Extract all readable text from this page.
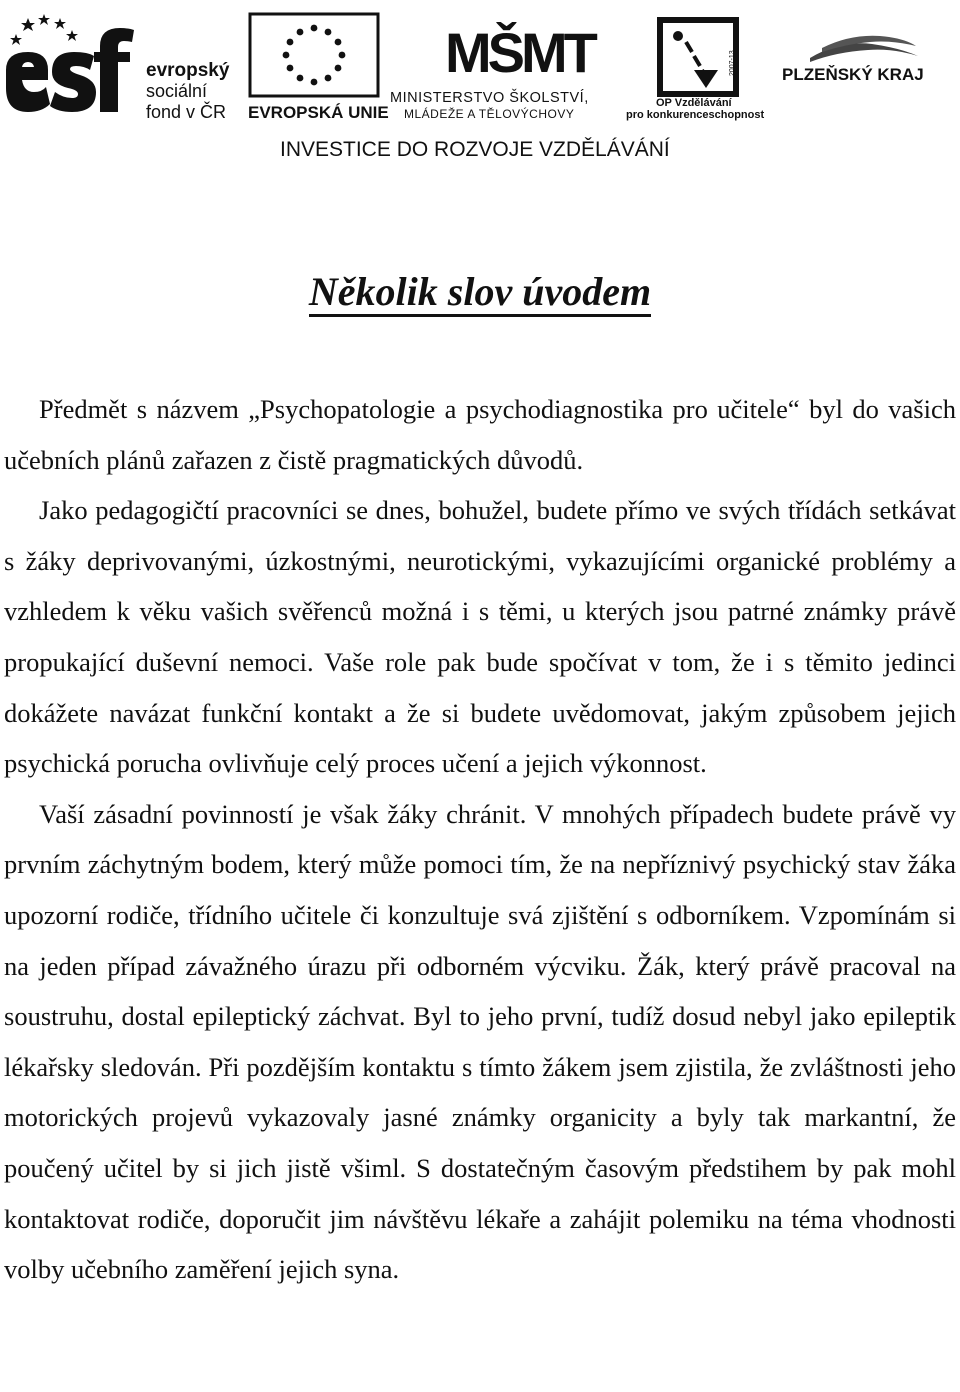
evropský
sociální
fond v ČR EVROPSKÁ UNIE
MŠMT
MINISTERSTVO ŠKOLSTVÍ,
MLÁDEŽE A TĚLOVÝCHOVY
2007-13
OP Vzdělávání
pro konkurenceschopnost
PLZEŇSKÝ KRAJ
INVESTICE DO ROZVOJE VZDĚLÁVÁNÍ
Několik slov úvodem

Předmět s názvem „Psychopatologie a psychodiagnostika pro učitele“ byl do vašich učebních plánů zařazen z čistě pragmatických důvodů.

Jako pedagogičtí pracovníci se dnes, bohužel, budete přímo ve svých třídách setkávat s žáky deprivovanými, úzkostnými, neurotickými, vykazujícími organické problémy a vzhledem k věku vašich svěřenců možná i s těmi, u kterých jsou patrné známky právě propukající duševní nemoci. Vaše role pak bude spočívat v tom, že i s těmito jedinci dokážete navázat funkční kontakt a že si budete uvědomovat, jakým způsobem jejich psychická porucha ovlivňuje celý proces učení a jejich výkonnost.

Vaší zásadní povinností je však žáky chránit. V mnohých případech budete právě vy prvním záchytným bodem, který může pomoci tím, že na nepříznivý psychický stav žáka upozorní rodiče, třídního učitele či konzultuje svá zjištění s odborníkem. Vzpomínám si na jeden případ závažného úrazu při odborném výcviku. Žák, který právě pracoval na soustruhu, dostal epileptický záchvat. Byl to jeho první, tudíž dosud nebyl jako epileptik lékařsky sledován. Při pozdějším kontaktu s tímto žákem jsem zjistila, že zvláštnosti jeho motorických projevů vykazovaly jasné známky organicity a byly tak markantní, že poučený učitel by si jich jistě všiml. S dostatečným časovým předstihem by pak mohl kontaktovat rodiče, doporučit jim návštěvu lékaře a zahájit polemiku na téma vhodnosti volby učebního zaměření jejich syna.
